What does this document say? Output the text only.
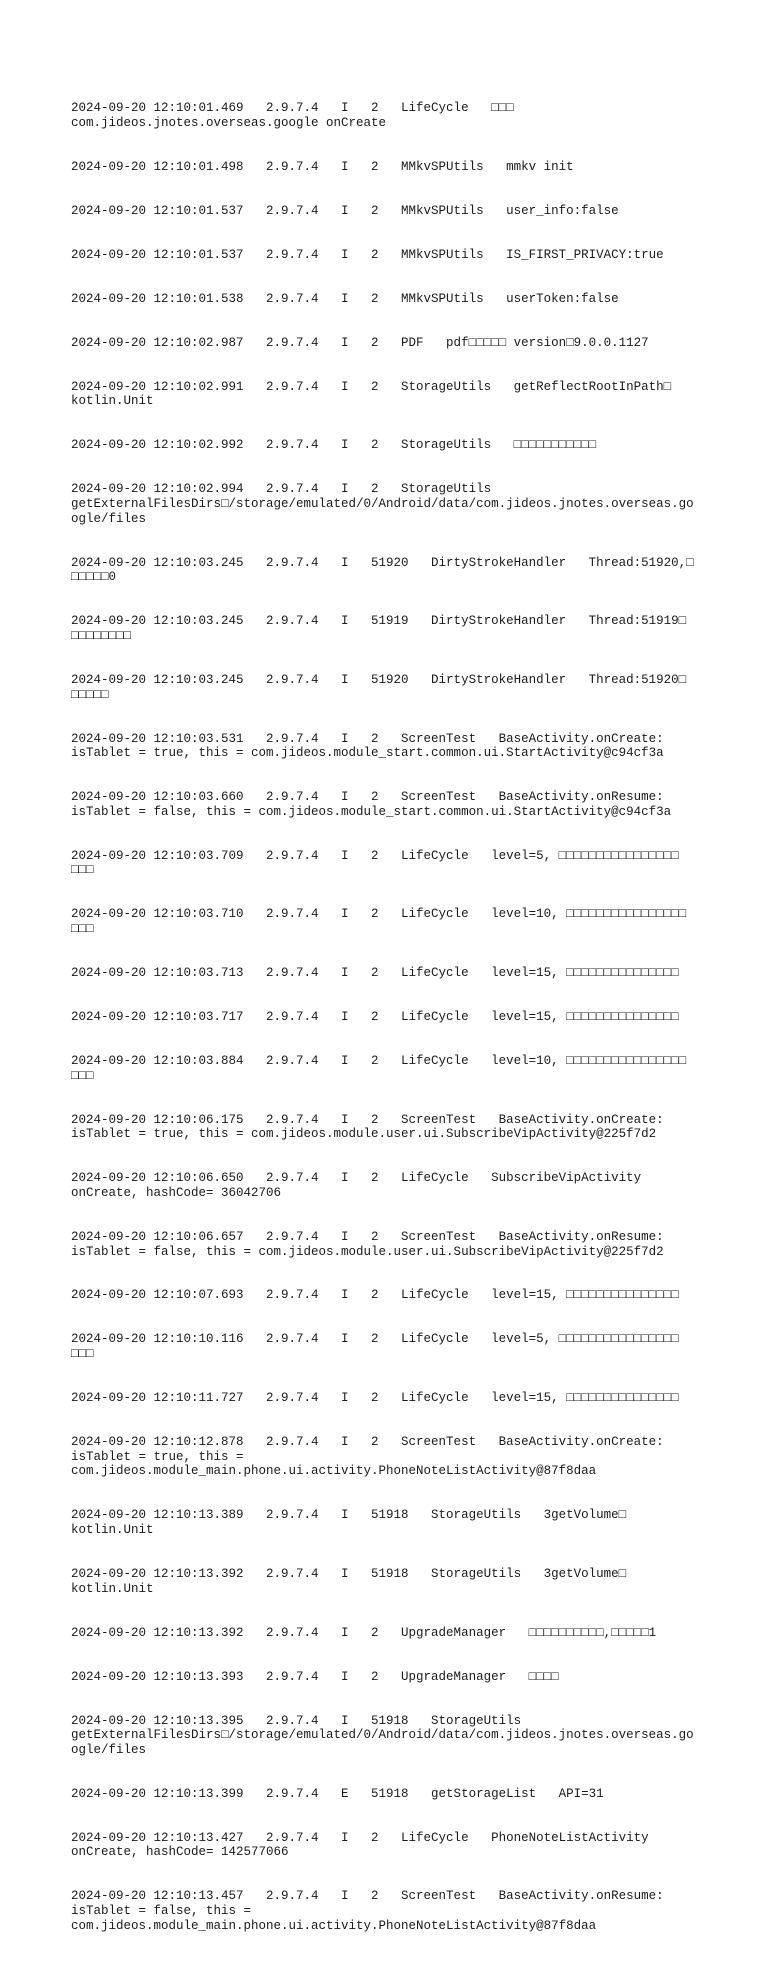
2024-09-20 12:10:01.469   2.9.7.4   I   2   LifeCycle   □□□
com.jideos.jnotes.overseas.google onCreate

2024-09-20 12:10:01.498   2.9.7.4   I   2   MMkvSPUtils   mmkv init

2024-09-20 12:10:01.537   2.9.7.4   I   2   MMkvSPUtils   user_info:false

2024-09-20 12:10:01.537   2.9.7.4   I   2   MMkvSPUtils   IS_FIRST_PRIVACY:true

2024-09-20 12:10:01.538   2.9.7.4   I   2   MMkvSPUtils   userToken:false

2024-09-20 12:10:02.987   2.9.7.4   I   2   PDF   pdf□□□□□ version□9.0.0.1127

2024-09-20 12:10:02.991   2.9.7.4   I   2   StorageUtils   getReflectRootInPath□
kotlin.Unit

2024-09-20 12:10:02.992   2.9.7.4   I   2   StorageUtils   □□□□□□□□□□□

2024-09-20 12:10:02.994   2.9.7.4   I   2   StorageUtils
getExternalFilesDirs□/storage/emulated/0/Android/data/com.jideos.jnotes.overseas.go
ogle/files

2024-09-20 12:10:03.245   2.9.7.4   I   51920   DirtyStrokeHandler   Thread:51920,□
□□□□□0

2024-09-20 12:10:03.245   2.9.7.4   I   51919   DirtyStrokeHandler   Thread:51919□
□□□□□□□□

2024-09-20 12:10:03.245   2.9.7.4   I   51920   DirtyStrokeHandler   Thread:51920□
□□□□□

2024-09-20 12:10:03.531   2.9.7.4   I   2   ScreenTest   BaseActivity.onCreate:
isTablet = true, this = com.jideos.module_start.common.ui.StartActivity@c94cf3a

2024-09-20 12:10:03.660   2.9.7.4   I   2   ScreenTest   BaseActivity.onResume:
isTablet = false, this = com.jideos.module_start.common.ui.StartActivity@c94cf3a

2024-09-20 12:10:03.709   2.9.7.4   I   2   LifeCycle   level=5, □□□□□□□□□□□□□□□□
□□□

2024-09-20 12:10:03.710   2.9.7.4   I   2   LifeCycle   level=10, □□□□□□□□□□□□□□□□
□□□

2024-09-20 12:10:03.713   2.9.7.4   I   2   LifeCycle   level=15, □□□□□□□□□□□□□□□

2024-09-20 12:10:03.717   2.9.7.4   I   2   LifeCycle   level=15, □□□□□□□□□□□□□□□

2024-09-20 12:10:03.884   2.9.7.4   I   2   LifeCycle   level=10, □□□□□□□□□□□□□□□□
□□□

2024-09-20 12:10:06.175   2.9.7.4   I   2   ScreenTest   BaseActivity.onCreate:
isTablet = true, this = com.jideos.module.user.ui.SubscribeVipActivity@225f7d2

2024-09-20 12:10:06.650   2.9.7.4   I   2   LifeCycle   SubscribeVipActivity
onCreate, hashCode= 36042706

2024-09-20 12:10:06.657   2.9.7.4   I   2   ScreenTest   BaseActivity.onResume:
isTablet = false, this = com.jideos.module.user.ui.SubscribeVipActivity@225f7d2

2024-09-20 12:10:07.693   2.9.7.4   I   2   LifeCycle   level=15, □□□□□□□□□□□□□□□

2024-09-20 12:10:10.116   2.9.7.4   I   2   LifeCycle   level=5, □□□□□□□□□□□□□□□□
□□□

2024-09-20 12:10:11.727   2.9.7.4   I   2   LifeCycle   level=15, □□□□□□□□□□□□□□□

2024-09-20 12:10:12.878   2.9.7.4   I   2   ScreenTest   BaseActivity.onCreate:
isTablet = true, this =
com.jideos.module_main.phone.ui.activity.PhoneNoteListActivity@87f8daa

2024-09-20 12:10:13.389   2.9.7.4   I   51918   StorageUtils   3getVolume□
kotlin.Unit

2024-09-20 12:10:13.392   2.9.7.4   I   51918   StorageUtils   3getVolume□
kotlin.Unit

2024-09-20 12:10:13.392   2.9.7.4   I   2   UpgradeManager   □□□□□□□□□□,□□□□□1

2024-09-20 12:10:13.393   2.9.7.4   I   2   UpgradeManager   □□□□

2024-09-20 12:10:13.395   2.9.7.4   I   51918   StorageUtils
getExternalFilesDirs□/storage/emulated/0/Android/data/com.jideos.jnotes.overseas.go
ogle/files

2024-09-20 12:10:13.399   2.9.7.4   E   51918   getStorageList   API=31

2024-09-20 12:10:13.427   2.9.7.4   I   2   LifeCycle   PhoneNoteListActivity
onCreate, hashCode= 142577066

2024-09-20 12:10:13.457   2.9.7.4   I   2   ScreenTest   BaseActivity.onResume:
isTablet = false, this =
com.jideos.module_main.phone.ui.activity.PhoneNoteListActivity@87f8daa
